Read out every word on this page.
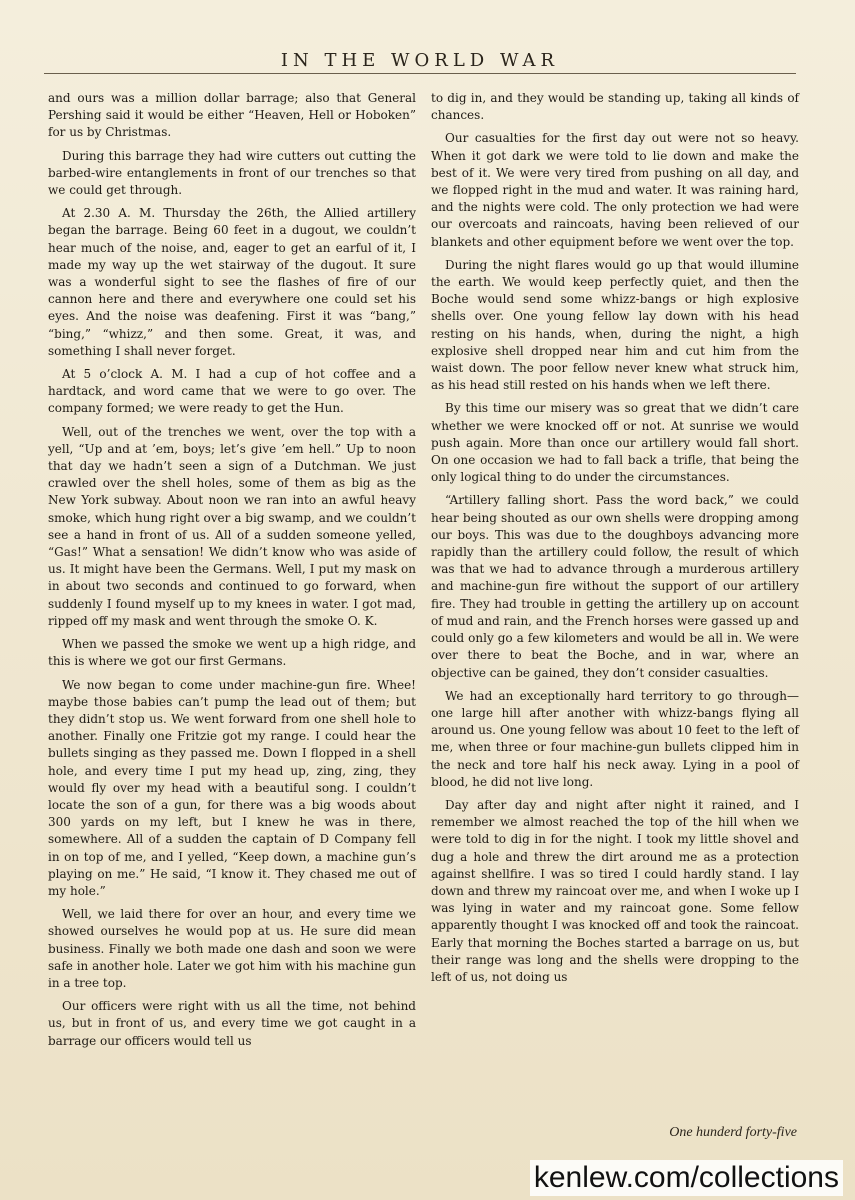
IN THE WORLD WAR

and ours was a million dollar barrage; also that General Pershing said it would be either “Heaven, Hell or Hoboken” for us by Christmas.

During this barrage they had wire cutters out cutting the barbed-wire entanglements in front of our trenches so that we could get through.

At 2.30 A. M. Thursday the 26th, the Allied artillery began the barrage. Being 60 feet in a dugout, we couldn’t hear much of the noise, and, eager to get an earful of it, I made my way up the wet stairway of the dugout. It sure was a wonderful sight to see the flashes of fire of our cannon here and there and everywhere one could set his eyes. And the noise was deafening. First it was “bang,” “bing,” “whizz,” and then some. Great, it was, and something I shall never forget.

At 5 o’clock A. M. I had a cup of hot coffee and a hardtack, and word came that we were to go over. The company formed; we were ready to get the Hun.

Well, out of the trenches we went, over the top with a yell, “Up and at ’em, boys; let’s give ’em hell.” Up to noon that day we hadn’t seen a sign of a Dutchman. We just crawled over the shell holes, some of them as big as the New York subway. About noon we ran into an awful heavy smoke, which hung right over a big swamp, and we couldn’t see a hand in front of us. All of a sudden someone yelled, “Gas!” What a sensation! We didn’t know who was aside of us. It might have been the Germans. Well, I put my mask on in about two seconds and continued to go forward, when suddenly I found myself up to my knees in water. I got mad, ripped off my mask and went through the smoke O. K.

When we passed the smoke we went up a high ridge, and this is where we got our first Germans.

We now began to come under machine-gun fire. Whee! maybe those babies can’t pump the lead out of them; but they didn’t stop us. We went forward from one shell hole to another. Finally one Fritzie got my range. I could hear the bullets singing as they passed me. Down I flopped in a shell hole, and every time I put my head up, zing, zing, they would fly over my head with a beautiful song. I couldn’t locate the son of a gun, for there was a big woods about 300 yards on my left, but I knew he was in there, somewhere. All of a sudden the captain of D Company fell in on top of me, and I yelled, “Keep down, a machine gun’s playing on me.” He said, “I know it. They chased me out of my hole.”

Well, we laid there for over an hour, and every time we showed ourselves he would pop at us. He sure did mean business. Finally we both made one dash and soon we were safe in another hole. Later we got him with his machine gun in a tree top.

Our officers were right with us all the time, not behind us, but in front of us, and every time we got caught in a barrage our officers would tell us

to dig in, and they would be standing up, taking all kinds of chances.

Our casualties for the first day out were not so heavy. When it got dark we were told to lie down and make the best of it. We were very tired from pushing on all day, and we flopped right in the mud and water. It was raining hard, and the nights were cold. The only protection we had were our overcoats and raincoats, having been relieved of our blankets and other equipment before we went over the top.

During the night flares would go up that would illumine the earth. We would keep perfectly quiet, and then the Boche would send some whizz-bangs or high explosive shells over. One young fellow lay down with his head resting on his hands, when, during the night, a high explosive shell dropped near him and cut him from the waist down. The poor fellow never knew what struck him, as his head still rested on his hands when we left there.

By this time our misery was so great that we didn’t care whether we were knocked off or not. At sunrise we would push again. More than once our artillery would fall short. On one occasion we had to fall back a trifle, that being the only logical thing to do under the circumstances.

“Artillery falling short. Pass the word back,” we could hear being shouted as our own shells were dropping among our boys. This was due to the doughboys advancing more rapidly than the artillery could follow, the result of which was that we had to advance through a murderous artillery and machine-gun fire without the support of our artillery fire. They had trouble in getting the artillery up on account of mud and rain, and the French horses were gassed up and could only go a few kilometers and would be all in. We were over there to beat the Boche, and in war, where an objective can be gained, they don’t consider casualties.

We had an exceptionally hard territory to go through—one large hill after another with whizz-bangs flying all around us. One young fellow was about 10 feet to the left of me, when three or four machine-gun bullets clipped him in the neck and tore half his neck away. Lying in a pool of blood, he did not live long.

Day after day and night after night it rained, and I remember we almost reached the top of the hill when we were told to dig in for the night. I took my little shovel and dug a hole and threw the dirt around me as a protection against shellfire. I was so tired I could hardly stand. I lay down and threw my raincoat over me, and when I woke up I was lying in water and my raincoat gone. Some fellow apparently thought I was knocked off and took the raincoat. Early that morning the Boches started a barrage on us, but their range was long and the shells were dropping to the left of us, not doing us

One hunderd forty-five
kenlew.com/collections
